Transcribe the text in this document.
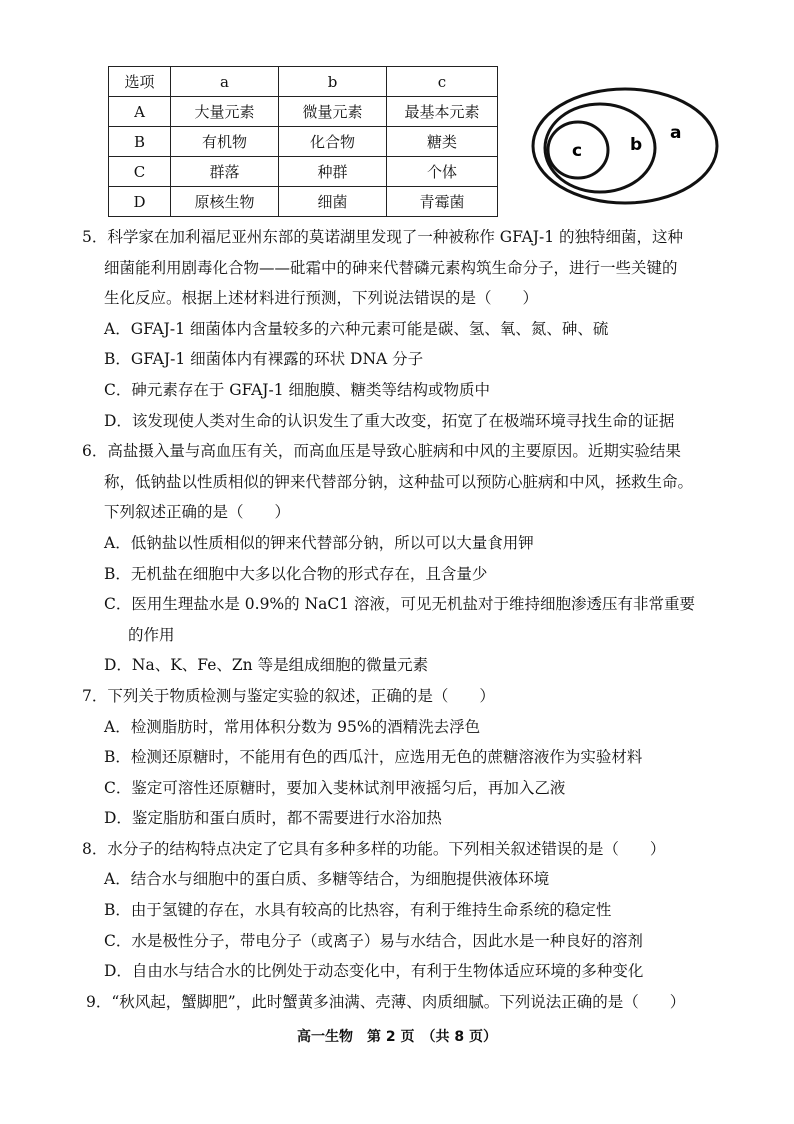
选项	a	b	c
A	大量元素	微量元素	最基本元素
B	有机物	化合物	糖类
C	群落	种群	个体
D	原核生物	细菌	青霉菌
c	b
a
5．科学家在加利福尼亚州东部的莫诺湖里发现了一种被称作 GFAJ-1 的独特细菌，这种
细菌能利用剧毒化合物——砒霜中的砷来代替磷元素构筑生命分子，进行一些关键的
生化反应。根据上述材料进行预测，下列说法错误的是（　　）
A．GFAJ-1 细菌体内含量较多的六种元素可能是碳、氢、氧、氮、砷、硫
B．GFAJ-1 细菌体内有裸露的环状 DNA 分子
C．砷元素存在于 GFAJ-1 细胞膜、糖类等结构或物质中
D．该发现使人类对生命的认识发生了重大改变，拓宽了在极端环境寻找生命的证据
6．高盐摄入量与高血压有关，而高血压是导致心脏病和中风的主要原因。近期实验结果
称，低钠盐以性质相似的钾来代替部分钠，这种盐可以预防心脏病和中风，拯救生命。
下列叙述正确的是（　　）
A．低钠盐以性质相似的钾来代替部分钠，所以可以大量食用钾
B．无机盐在细胞中大多以化合物的形式存在，且含量少
C．医用生理盐水是 0.9%的 NaC1 溶液，可见无机盐对于维持细胞渗透压有非常重要
的作用
D．Na、K、Fe、Zn 等是组成细胞的微量元素
7．下列关于物质检测与鉴定实验的叙述，正确的是（　　）
A．检测脂肪时，常用体积分数为 95%的酒精洗去浮色
B．检测还原糖时，不能用有色的西瓜汁，应选用无色的蔗糖溶液作为实验材料
C．鉴定可溶性还原糖时，要加入斐林试剂甲液摇匀后，再加入乙液
D．鉴定脂肪和蛋白质时，都不需要进行水浴加热
8．水分子的结构特点决定了它具有多种多样的功能。下列相关叙述错误的是（　　）
A．结合水与细胞中的蛋白质、多糖等结合，为细胞提供液体环境
B．由于氢键的存在，水具有较高的比热容，有利于维持生命系统的稳定性
C．水是极性分子，带电分子（或离子）易与水结合，因此水是一种良好的溶剂
D．自由水与结合水的比例处于动态变化中，有利于生物体适应环境的多种变化
9．“秋风起，蟹脚肥”，此时蟹黄多油满、壳薄、肉质细腻。下列说法正确的是（　　）
高一生物　第 2 页　（共 8 页）
